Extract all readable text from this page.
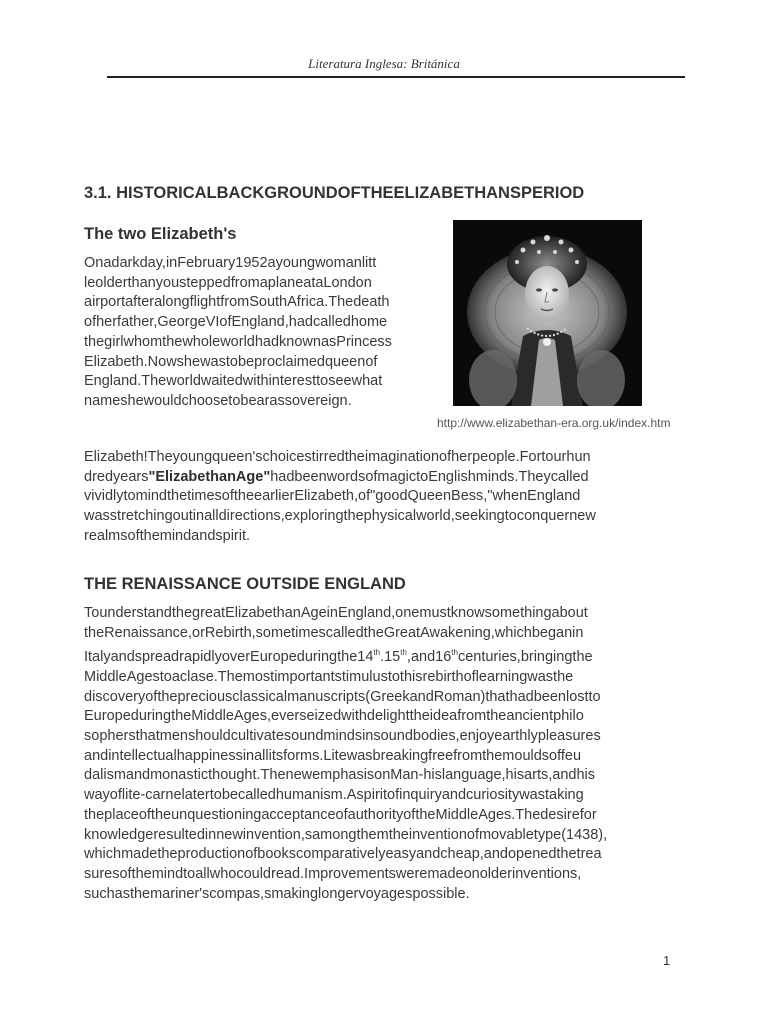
Literatura Inglesa: Británica
3.1. HISTORICALBACKGROUNDOFTHEELIZABETHANSPERIOD
The two Elizabeth's

Onadarkday,inFebruary1952ayoungwomanlitt
leolderthanyousteppedfromaplaneataLondon
airportafteralongflightfromSouthAfrica.Thedeath
ofherfather,GeorgeVIofEngland,hadcalledhome
thegirlwhomthewholeworldhadknownasPrincess
Elizabeth.Nowshewastobeproclaimedqueenof
England.Theworldwaitedwithinteresttoseewhat
nameshewouldchoosetobearassovereign.

http://www.elizabethan-era.org.uk/index.htm

Elizabeth!Theyoungqueen'schoicestirredtheimaginationofherpeople.Fortourhun
dredyears"ElizabethanAge"hadbeenwordsofmagictoEnglishminds.Theycalled
vividlytomindthetimesoftheearlierElizabeth,of"goodQueenBess,"whenEngland
wasstretchingoutinalldirections,exploringthephysicalworld,seekingtoconquernew
realmsofthemindandspirit.

THE RENAISSANCE OUTSIDE ENGLAND

TounderstandthegreatElizabethanAgeinEngland,onemustknowsomethingabout
theRenaissance,orRebirth,sometimescalledtheGreatAwakening,whichbeganin
ItalyandspreadrapidlyoverEuropeduringthe14th.15th,and16thcenturies,bringingthe
MiddleAgestoaclase.Themostimportantstimulustothisrebirthoflearningwasthe
discoveryofthepreciousclassicalmanuscripts(GreekandRoman)thathadbeenlostto
EuropeduringtheMiddleAges,everseizedwithdelighttheideafromtheancientphilo
sophersthatmenshouldcultivatesoundmindsinsoundbodies,enjoyearthlypleasures
andintellectualhappinessinallitsforms.Litewasbreakingfreefromthemouldsoffeu
dalismandmonasticthought.ThenewemphasisonMan-hislanguage,hisarts,andhis
wayoflite-carnelatertobecalledhumanism.Aspiritofinquiryandcuriositywastaking
theplaceoftheunquestioningacceptanceofauthorityoftheMiddleAges.Thedesirefor
knowledgeresultedinnewinvention,samongthemtheinventionofmovabletype(1438),
whichmadetheproductionofbookscomparativelyeasyandcheap,andopenedthetrea
suresofthemindtoallwhocouldread.Improvementsweremadeonolderinventions,
suchasthemariner'scompas,smakinglongervoyagespossible.

1
